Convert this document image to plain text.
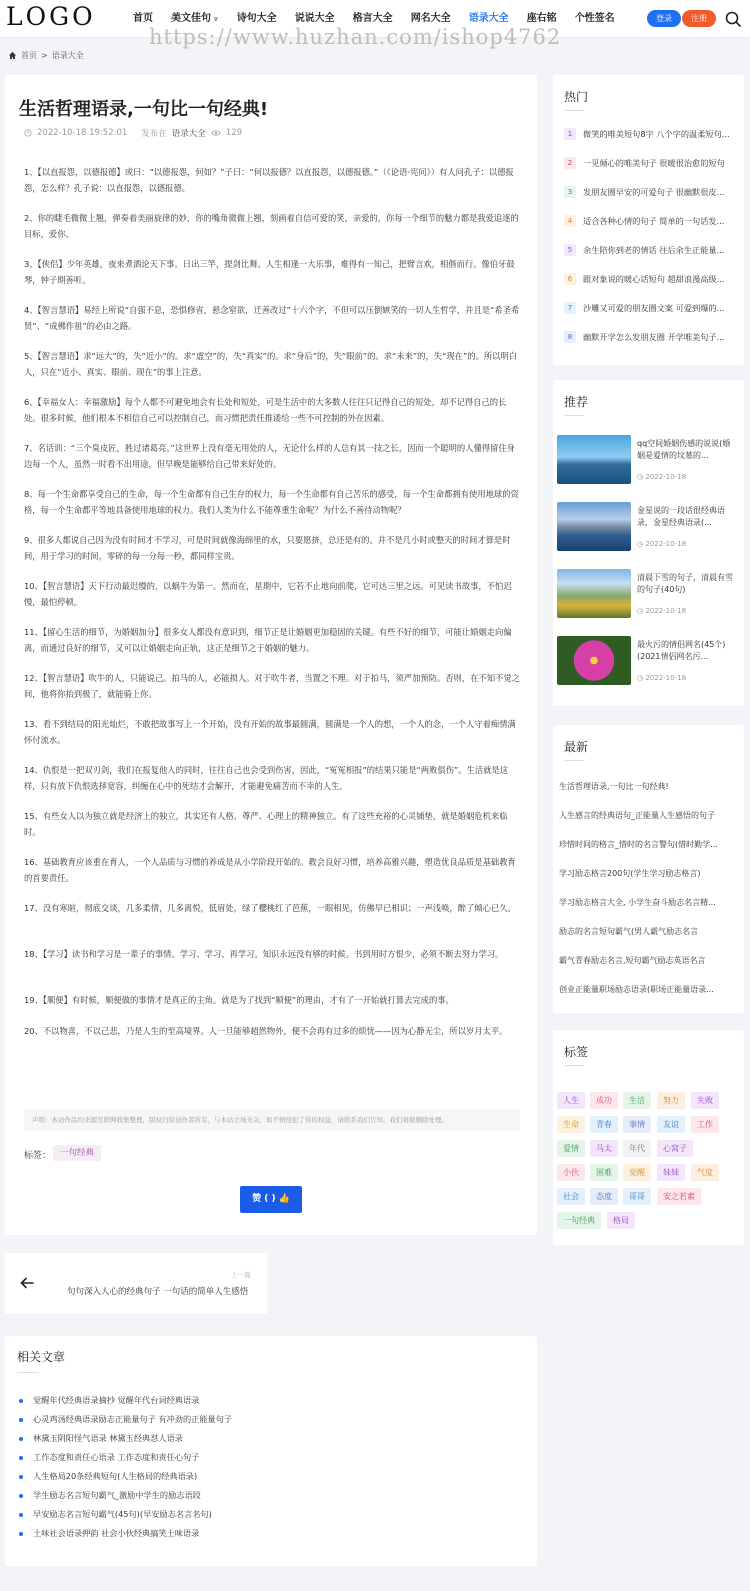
LOGO	首页 美文佳句 ∨ 诗句大全 说说大全 格言大全 网名大全 语录大全 座右铭 个性签名	登录	注册
https://www.huzhan.com/ishop4762
首页 > 语录大全
生活哲理语录,一句比一句经典!
2022-10-18 19:52:01 发布在 语录大全 129

1、【以直报怨，以德报德】或曰：“以德报怨，何如？”子曰：“何以报德？以直报怨，以德报德。”（《论语·宪问》）有人问孔子：以德报怨，怎么样？孔子说：以直报怨，以德报德。

2、你的睫毛微微上翘，弹奏着美丽旋律的妙，你的嘴角微微上翘，刻画着自信可爱的笑，亲爱的，你每一个细节的魅力都是我爱追逐的目标，爱你。

3、【侠侣】少年英雄，夜来煮酒论天下事。日出三竿，提剑比舞。人生相逢一大乐事，难得有一知己，把臂言欢，相偕而行。像伯牙鼓琴，钟子期善听。

4、【智言慧语】易经上所说“自强不息，恐惧修省，悬念窒欲，迁善改过”十六个字，不但可以压倒嫉笑的一切人生哲学，并且是“希圣希贤”、“成佛作祖”的必由之路。

5、【智言慧语】求“远大”的，失“近小”的。求“虚空”的，失“真实”的。求“身后”的，失“眼前”的。求“未来”的，失“现在”的。所以明白人，只在“近小、真实、眼前、现在”的事上注意。

6、【幸福女人：幸福激励】每个人都不可避免地会有长处和短处，可是生活中的大多数人往往只记得自己的短处，却不记得自己的长处。很多时候，他们根本不相信自己可以控制自己，而习惯把责任推诿给一些不可控制的外在因素。

7、名话训：“三个臭皮匠，胜过诸葛亮。”这世界上没有毫无用处的人，无论什么样的人总有其一技之长，因而一个聪明的人懂得留住身边每一个人，虽然一时看不出用途，但早晚是能够给自己带来好处的。

8、每一个生命都享受自己的生命，每一个生命都有自己生存的权力，每一个生命都有自己苦乐的感受，每一个生命都拥有使用地球的资格，每一个生命都平等地具备使用地球的权力。我们人类为什么不能尊重生命呢？为什么不善待动物呢？

9、很多人都说自己因为没有时间才不学习，可是时间就像海绵里的水，只要愿挤，总还是有的。并不是几小时或整天的时间才算是时间，用于学习的时间，零碎的每一分每一秒，都同样宝贵。

10、【智言慧语】天下行动最迟慢的，以蜗牛为第一。然而在，星期中，它若不止地向前爬，它可达三里之远。可见读书故事，不怕迟慢，最怕停顿。

11、【留心生活的细节，为婚姻加分】很多女人都没有意识到，细节正是让婚姻更加稳固的关键。有些不好的细节，可能让婚姻走向偏离，而通过良好的细节，又可以让婚姻走向正轨，这正是细节之于婚姻的魅力。

12、【智言慧语】吹牛的人，只能说己。拍马的人，必能损人。对于吹牛者，当置之不理。对于拍马，须严加预防。否则，在不知不觉之间，他将你抬到极了，就能骑上你。

13、看不到结局的阳光灿烂，不敢把故事写上一个开始，没有开始的故事最圆满，圆满是一个人的想，一个人的念，一个人守着痴情满怀付流水。

14、仇恨是一把双刃剑，我们在报复他人的同时，往往自己也会受到伤害，因此，“冤冤相报”的结果只能是“两败俱伤”。生活就是这样，只有放下仇恨选择宽容，纠缠在心中的死结才会解开，才能避免痛苦而不幸的人生。

15、有些女人以为独立就是经济上的独立，其实还有人格、尊严、心理上的精神独立。有了这些充裕的心灵铺垫，就是婚姻危机来临时。

16、基础教育应该重在育人，一个人品质与习惯的养成是从小学阶段开始的。教会良好习惯，培养高雅兴趣，塑造优良品质是基础教育的首要责任。

17、没有寒暄，彻底交谈，几多柔情，几多离悦，低眉处，绿了樱桃红了芭蕉，一眼相见，仿佛早已相识；一声浅唤，醉了倾心已久。

18、【学习】读书和学习是一辈子的事情。学习、学习、再学习。知识永远没有够的时候。书到用时方恨少，必须不断去努力学习。

19、【顺便】有时候，顺便做的事情才是真正的主角。就是为了找到“顺便”的理由，才有了一开始就打算去完成的事。

20、不以物喜，不以己悲，乃是人生的至高境界。人一旦能够超然物外，便不会再有过多的烦忧——因为心静无尘，所以岁月太平。

声明：本站作品均来源互联网收集整理，版权归原创作者所有，与本站立场无关，如不慎侵犯了你的权益，请联系我们告知，我们将做删除处理。
标签：	一句经典
赞 ( ) 👍
上一篇
句句深入人心的经典句子 一句话的简单人生感悟
相关文章
觉醒年代经典语录摘抄 觉醒年代台词经典语录
心灵鸡汤经典语录励志正能量句子 有冲劲的正能量句子
林黛玉阴阳怪气语录 林黛玉经典怼人语录
工作态度和责任心语录 工作态度和责任心句子
人生格局20条经典短句(人生格局的经典语录)
学生励志名言短句霸气_激励中学生的励志语段
早安励志名言短句霸气(45句)(早安励志名言名句)
土味社会语录押韵 社会小伙经典搞笑土味语录
热门
1	微笑的唯美短句8字 八个字的温柔短句...
2	一见倾心的唯美句子 很暖很治愈的短句
3	发朋友圈早安的可爱句子 很幽默很皮...
4	适合各种心情的句子 简单的一句话发...
5	余生陪你到老的情话 往后余生正能量...
6	跟对象说的暖心话短句 超甜浪漫高级...
7	沙雕又可爱的朋友圈文案 可爱到爆的...
8	幽默开学怎么发朋友圈 开学唯美句子...
推荐
qq空间婚姻伤感的说说(婚姻是爱情的坟墓的...
◷ 2022-10-18
金星说的一段话很经典语录，金星经典语录(...
◷ 2022-10-18
清晨下雪的句子，清晨有雪的句子(40句)
◷ 2022-10-18
最火污的情侣网名(45个)(2021情侣网名污...
◷ 2022-10-18
最新
生活哲理语录,一句比一句经典!
人生感言的经典语句_正能量人生感悟的句子
珍惜时间的格言_惜时的名言警句(惜时勤学...
学习励志格言200句(学生学习励志格言)
学习励志格言大全, 小学生奋斗励志名言精...
励志的名言短句霸气(男人霸气励志名言
霸气青春励志名言,短句霸气励志英语名言
创业正能量职场励志语录(职场正能量语录...
标签
人生	成功	生活	努力	失败
生命	青春	事情	友谊	工作
爱情	马太	年代	心窝子
小伙	困难	觉醒	妹妹	气度
社会	态度	哥哥	安之若素
一句经典	格局
